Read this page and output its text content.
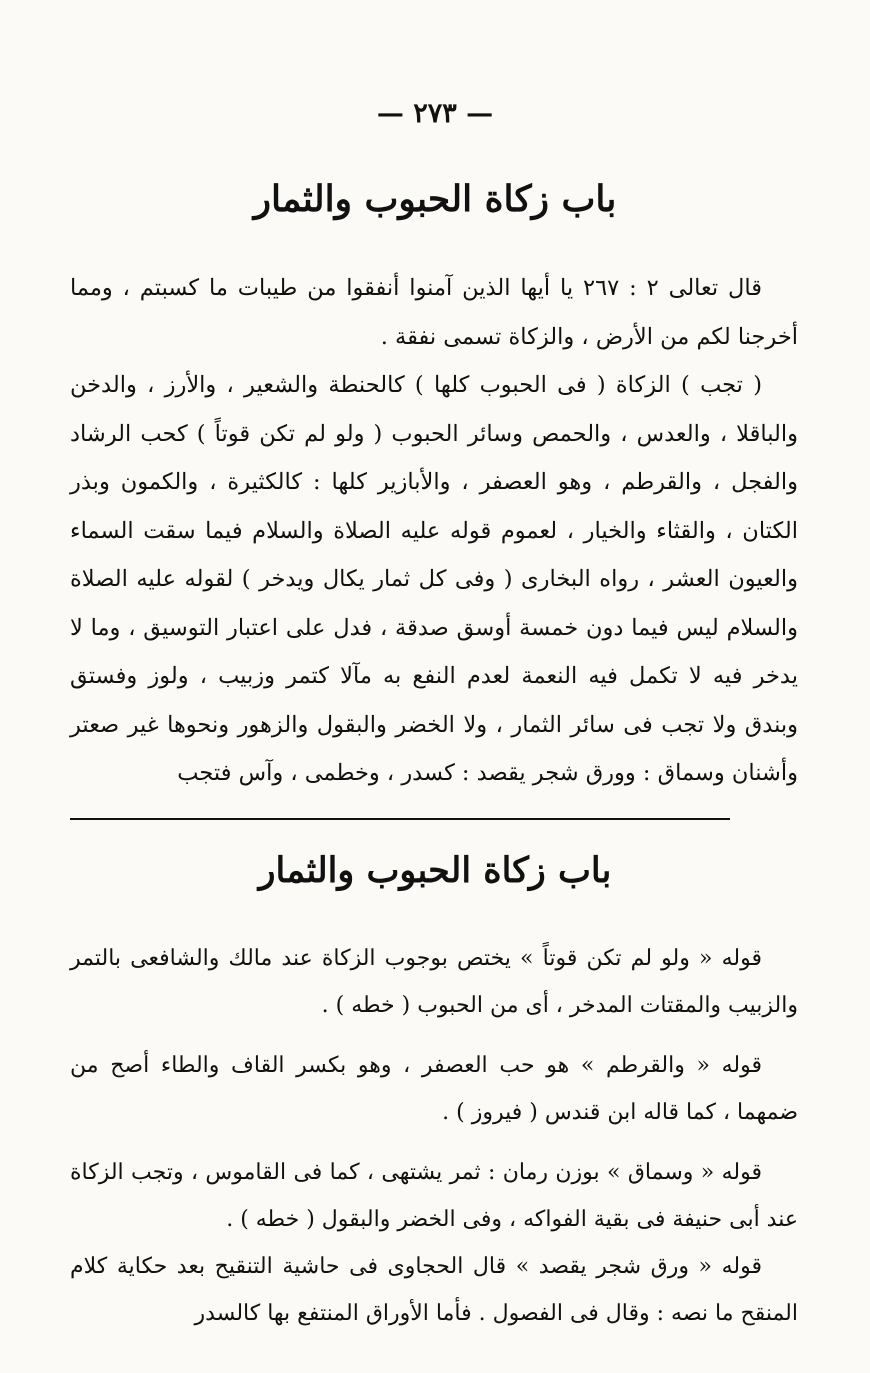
— ٢٧٣ —
باب زكاة الحبوب والثمار

قال تعالى ٢ : ٢٦٧ يا أيها الذين آمنوا أنفقوا من طيبات ما كسبتم ، ومما أخرجنا لكم من الأرض ، والزكاة تسمى نفقة .

( تجب ) الزكاة ( فى الحبوب كلها ) كالحنطة والشعير ، والأرز ، والدخن والباقلا ، والعدس ، والحمص وسائر الحبوب ( ولو لم تكن قوتاً ) كحب الرشاد والفجل ، والقرطم ، وهو العصفر ، والأبازير كلها : كالكثيرة ، والكمون وبذر الكتان ، والقثاء والخيار ، لعموم قوله عليه الصلاة والسلام فيما سقت السماء والعيون العشر ، رواه البخارى ( وفى كل ثمار يكال ويدخر ) لقوله عليه الصلاة والسلام ليس فيما دون خمسة أوسق صدقة ، فدل على اعتبار التوسيق ، وما لا يدخر فيه لا تكمل فيه النعمة لعدم النفع به مآلا كتمر وزبيب ، ولوز وفستق وبندق ولا تجب فى سائر الثمار ، ولا الخضر والبقول والزهور ونحوها غير صعتر وأشنان وسماق : وورق شجر يقصد : كسدر ، وخطمى ، وآس فتجب

باب زكاة الحبوب والثمار

قوله « ولو لم تكن قوتاً » يختص بوجوب الزكاة عند مالك والشافعى بالتمر والزبيب والمقتات المدخر ، أى من الحبوب ( خطه ) .

قوله « والقرطم » هو حب العصفر ، وهو بكسر القاف والطاء أصح من ضمهما ، كما قاله ابن قندس ( فيروز ) .

قوله « وسماق » بوزن رمان : ثمر يشتهى ، كما فى القاموس ، وتجب الزكاة عند أبى حنيفة فى بقية الفواكه ، وفى الخضر والبقول ( خطه ) .

قوله « ورق شجر يقصد » قال الحجاوى فى حاشية التنقيح بعد حكاية كلام المنقح ما نصه : وقال فى الفصول . فأما الأوراق المنتفع بها كالسدر
